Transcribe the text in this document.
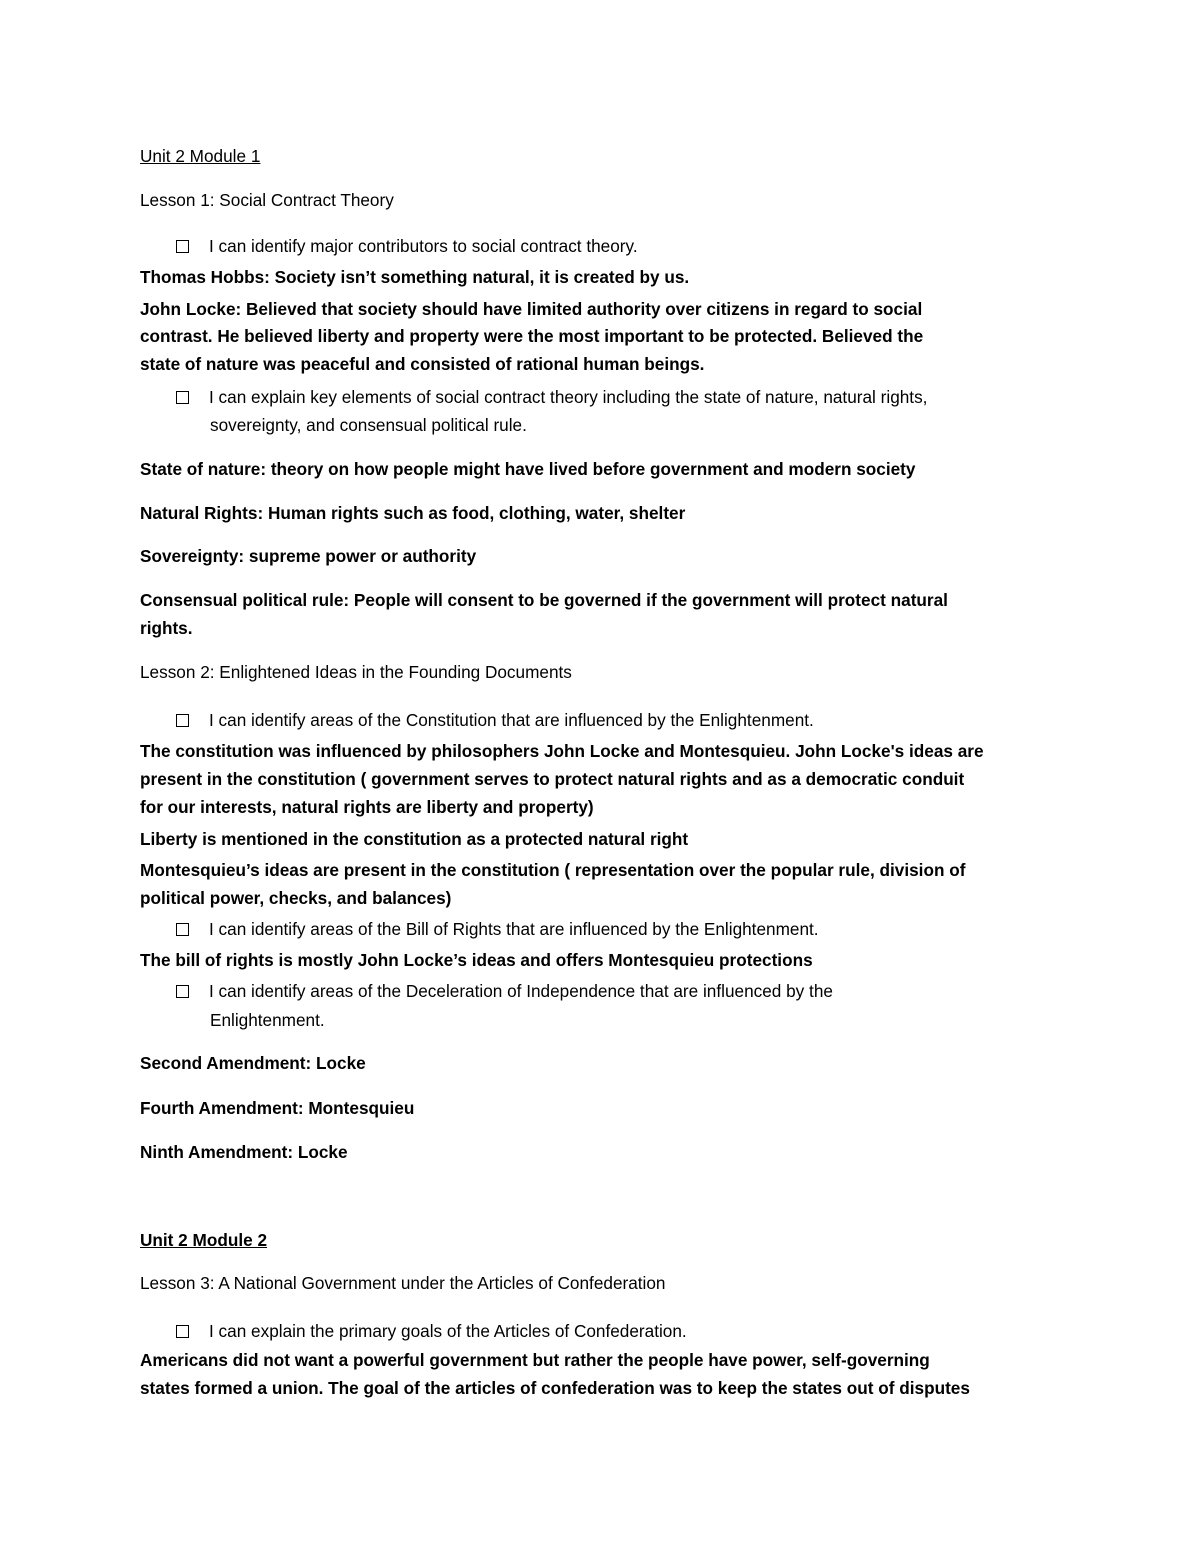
Unit 2 Module 1

Lesson 1: Social Contract Theory

I can identify major contributors to social contract theory.

Thomas Hobbs: Society isn’t something natural, it is created by us.

John Locke: Believed that society should have limited authority over citizens in regard to social

contrast. He believed liberty and property were the most important to be protected. Believed the

state of nature was peaceful and consisted of rational human beings.

I can explain key elements of social contract theory including the state of nature, natural rights,

sovereignty, and consensual political rule.

State of nature: theory on how people might have lived before government and modern society

Natural Rights: Human rights such as food, clothing, water, shelter

Sovereignty: supreme power or authority

Consensual political rule: People will consent to be governed if the government will protect natural

rights.

Lesson 2: Enlightened Ideas in the Founding Documents

I can identify areas of the Constitution that are influenced by the Enlightenment.

The constitution was influenced by philosophers John Locke and Montesquieu. John Locke's ideas are

present in the constitution ( government serves to protect natural rights and as a democratic conduit

for our interests, natural rights are liberty and property)

Liberty is mentioned in the constitution as a protected natural right

Montesquieu’s ideas are present in the constitution ( representation over the popular rule, division of

political power, checks, and balances)

I can identify areas of the Bill of Rights that are influenced by the Enlightenment.

The bill of rights is mostly John Locke’s ideas and offers Montesquieu protections

I can identify areas of the Deceleration of Independence that are influenced by the

Enlightenment.

Second Amendment: Locke

Fourth Amendment: Montesquieu

Ninth Amendment: Locke

Unit 2 Module 2

Lesson 3: A National Government under the Articles of Confederation

I can explain the primary goals of the Articles of Confederation.

Americans did not want a powerful government but rather the people have power, self-governing

states formed a union. The goal of the articles of confederation was to keep the states out of disputes
